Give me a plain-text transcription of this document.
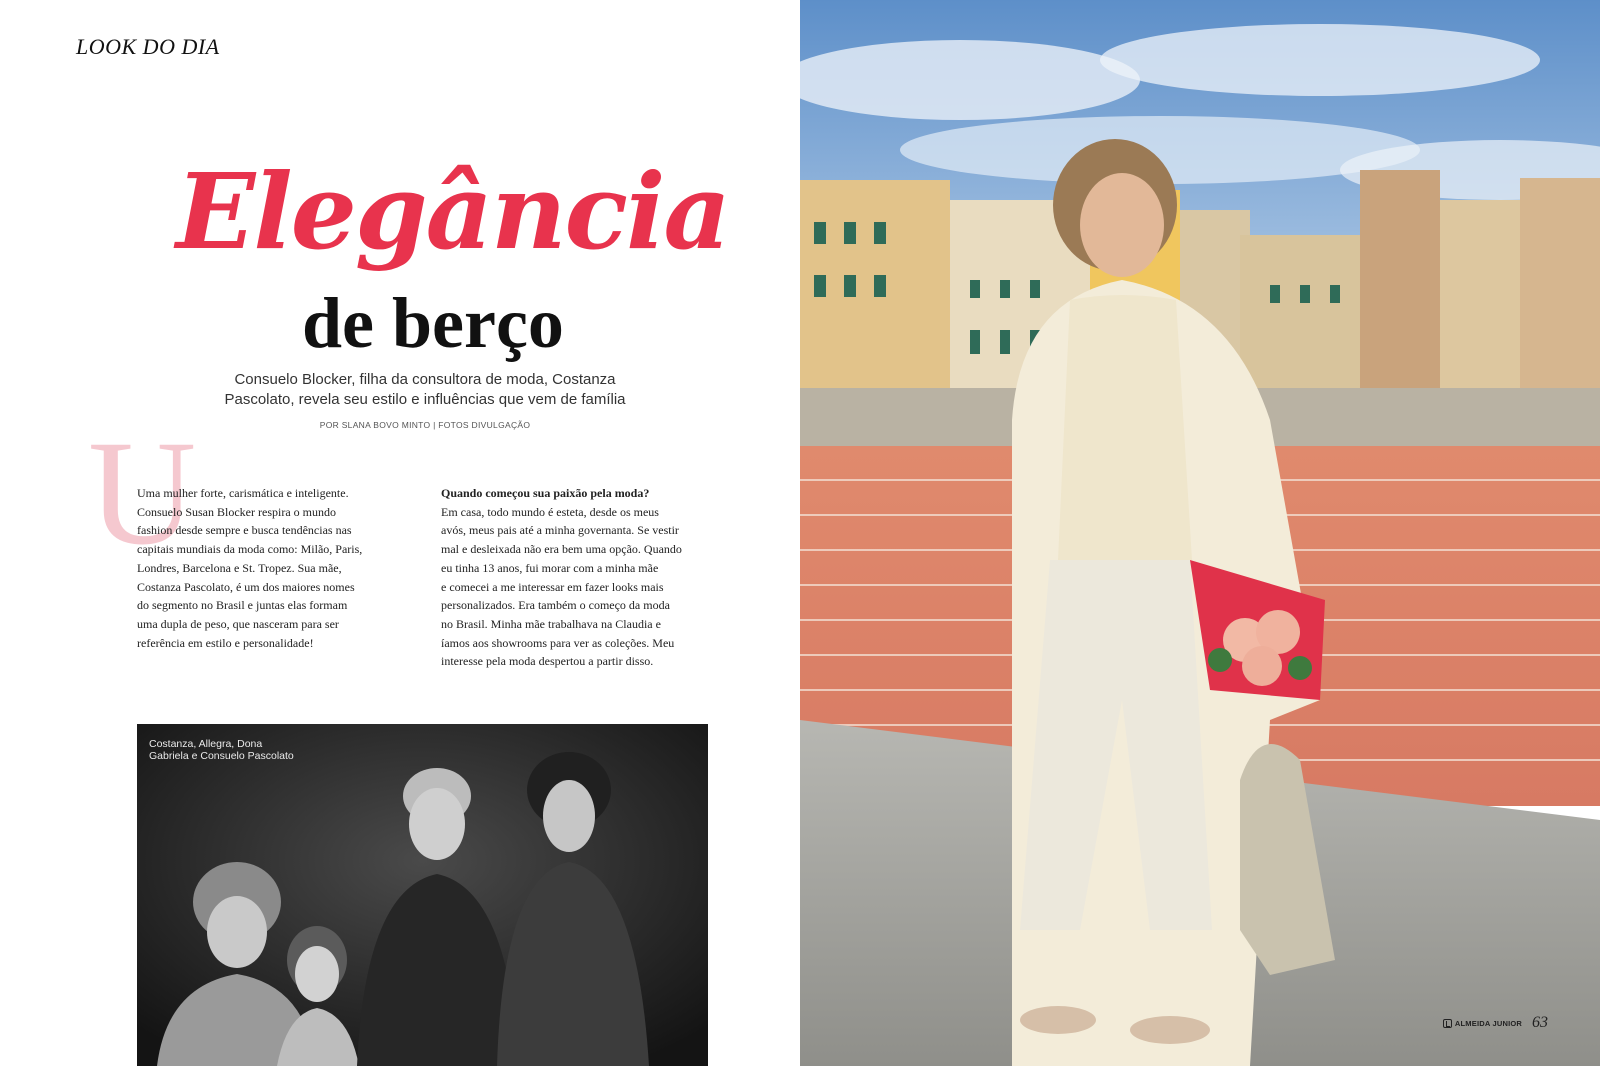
LOOK DO DIA
Elegância
de berço
Consuelo Blocker, filha da consultora de moda, Costanza
Pascolato, revela seu estilo e influências que vem de família
POR SLANA BOVO MINTO | FOTOS DIVULGAÇÃO
U
Uma mulher forte, carismática e inteligente.
Consuelo Susan Blocker respira o mundo
fashion desde sempre e busca tendências nas
capitais mundiais da moda como: Milão, Paris,
Londres, Barcelona e St. Tropez. Sua mãe,
Costanza Pascolato, é um dos maiores nomes
do segmento no Brasil e juntas elas formam
uma dupla de peso, que nasceram para ser
referência em estilo e personalidade!
Quando começou sua paixão pela moda?
Em casa, todo mundo é esteta, desde os meus
avós, meus pais até a minha governanta. Se vestir
mal e desleixada não era bem uma opção. Quando
eu tinha 13 anos, fui morar com a minha mãe
e comecei a me interessar em fazer looks mais
personalizados. Era também o começo da moda
no Brasil. Minha mãe trabalhava na Claudia e
íamos aos showrooms para ver as coleções. Meu
interesse pela moda despertou a partir disso.
Costanza, Allegra, Dona
Gabriela e Consuelo Pascolato
ALMEIDA JUNIOR 63
